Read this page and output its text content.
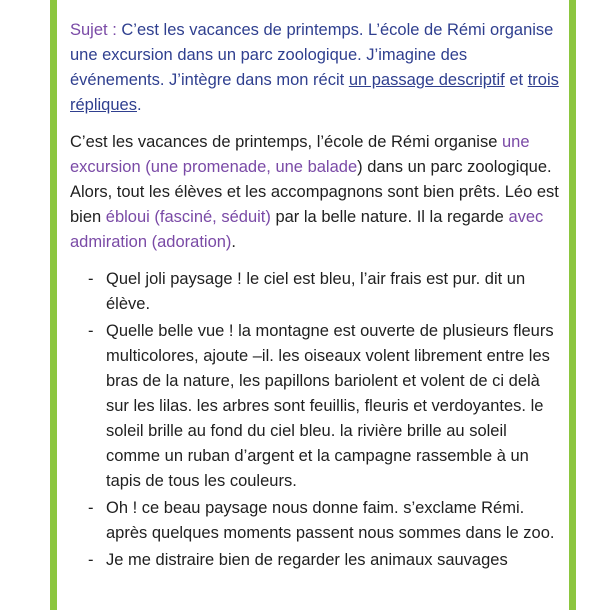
Sujet : C’est les vacances de printemps. L’école de Rémi organise une excursion dans un parc zoologique. J’imagine des événements. J’intègre dans mon récit un passage descriptif et trois répliques.

C’est les vacances de printemps, l’école de Rémi organise une excursion (une promenade, une balade) dans un parc zoologique. Alors, tout les élèves et les accompagnons sont bien prêts. Léo est bien ébloui (fasciné, séduit) par la belle nature. Il la regarde avec admiration (adoration).

- Quel joli paysage ! le ciel est bleu, l’air frais est pur. dit un élève.
- Quelle belle vue ! la montagne est ouverte de plusieurs fleurs multicolores, ajoute –il. les oiseaux volent librement entre les bras de la nature, les papillons bariolent et volent de ci delà sur les lilas. les arbres sont feuillis, fleuris et verdoyantes. le soleil brille au fond du ciel bleu. la rivière brille au soleil comme un ruban d’argent et la campagne rassemble à un tapis de tous les couleurs.
- Oh ! ce beau paysage nous donne faim. s’exclame Rémi. après quelques moments passent nous sommes dans le zoo.
- Je me distraire bien de regarder les animaux sauvages
